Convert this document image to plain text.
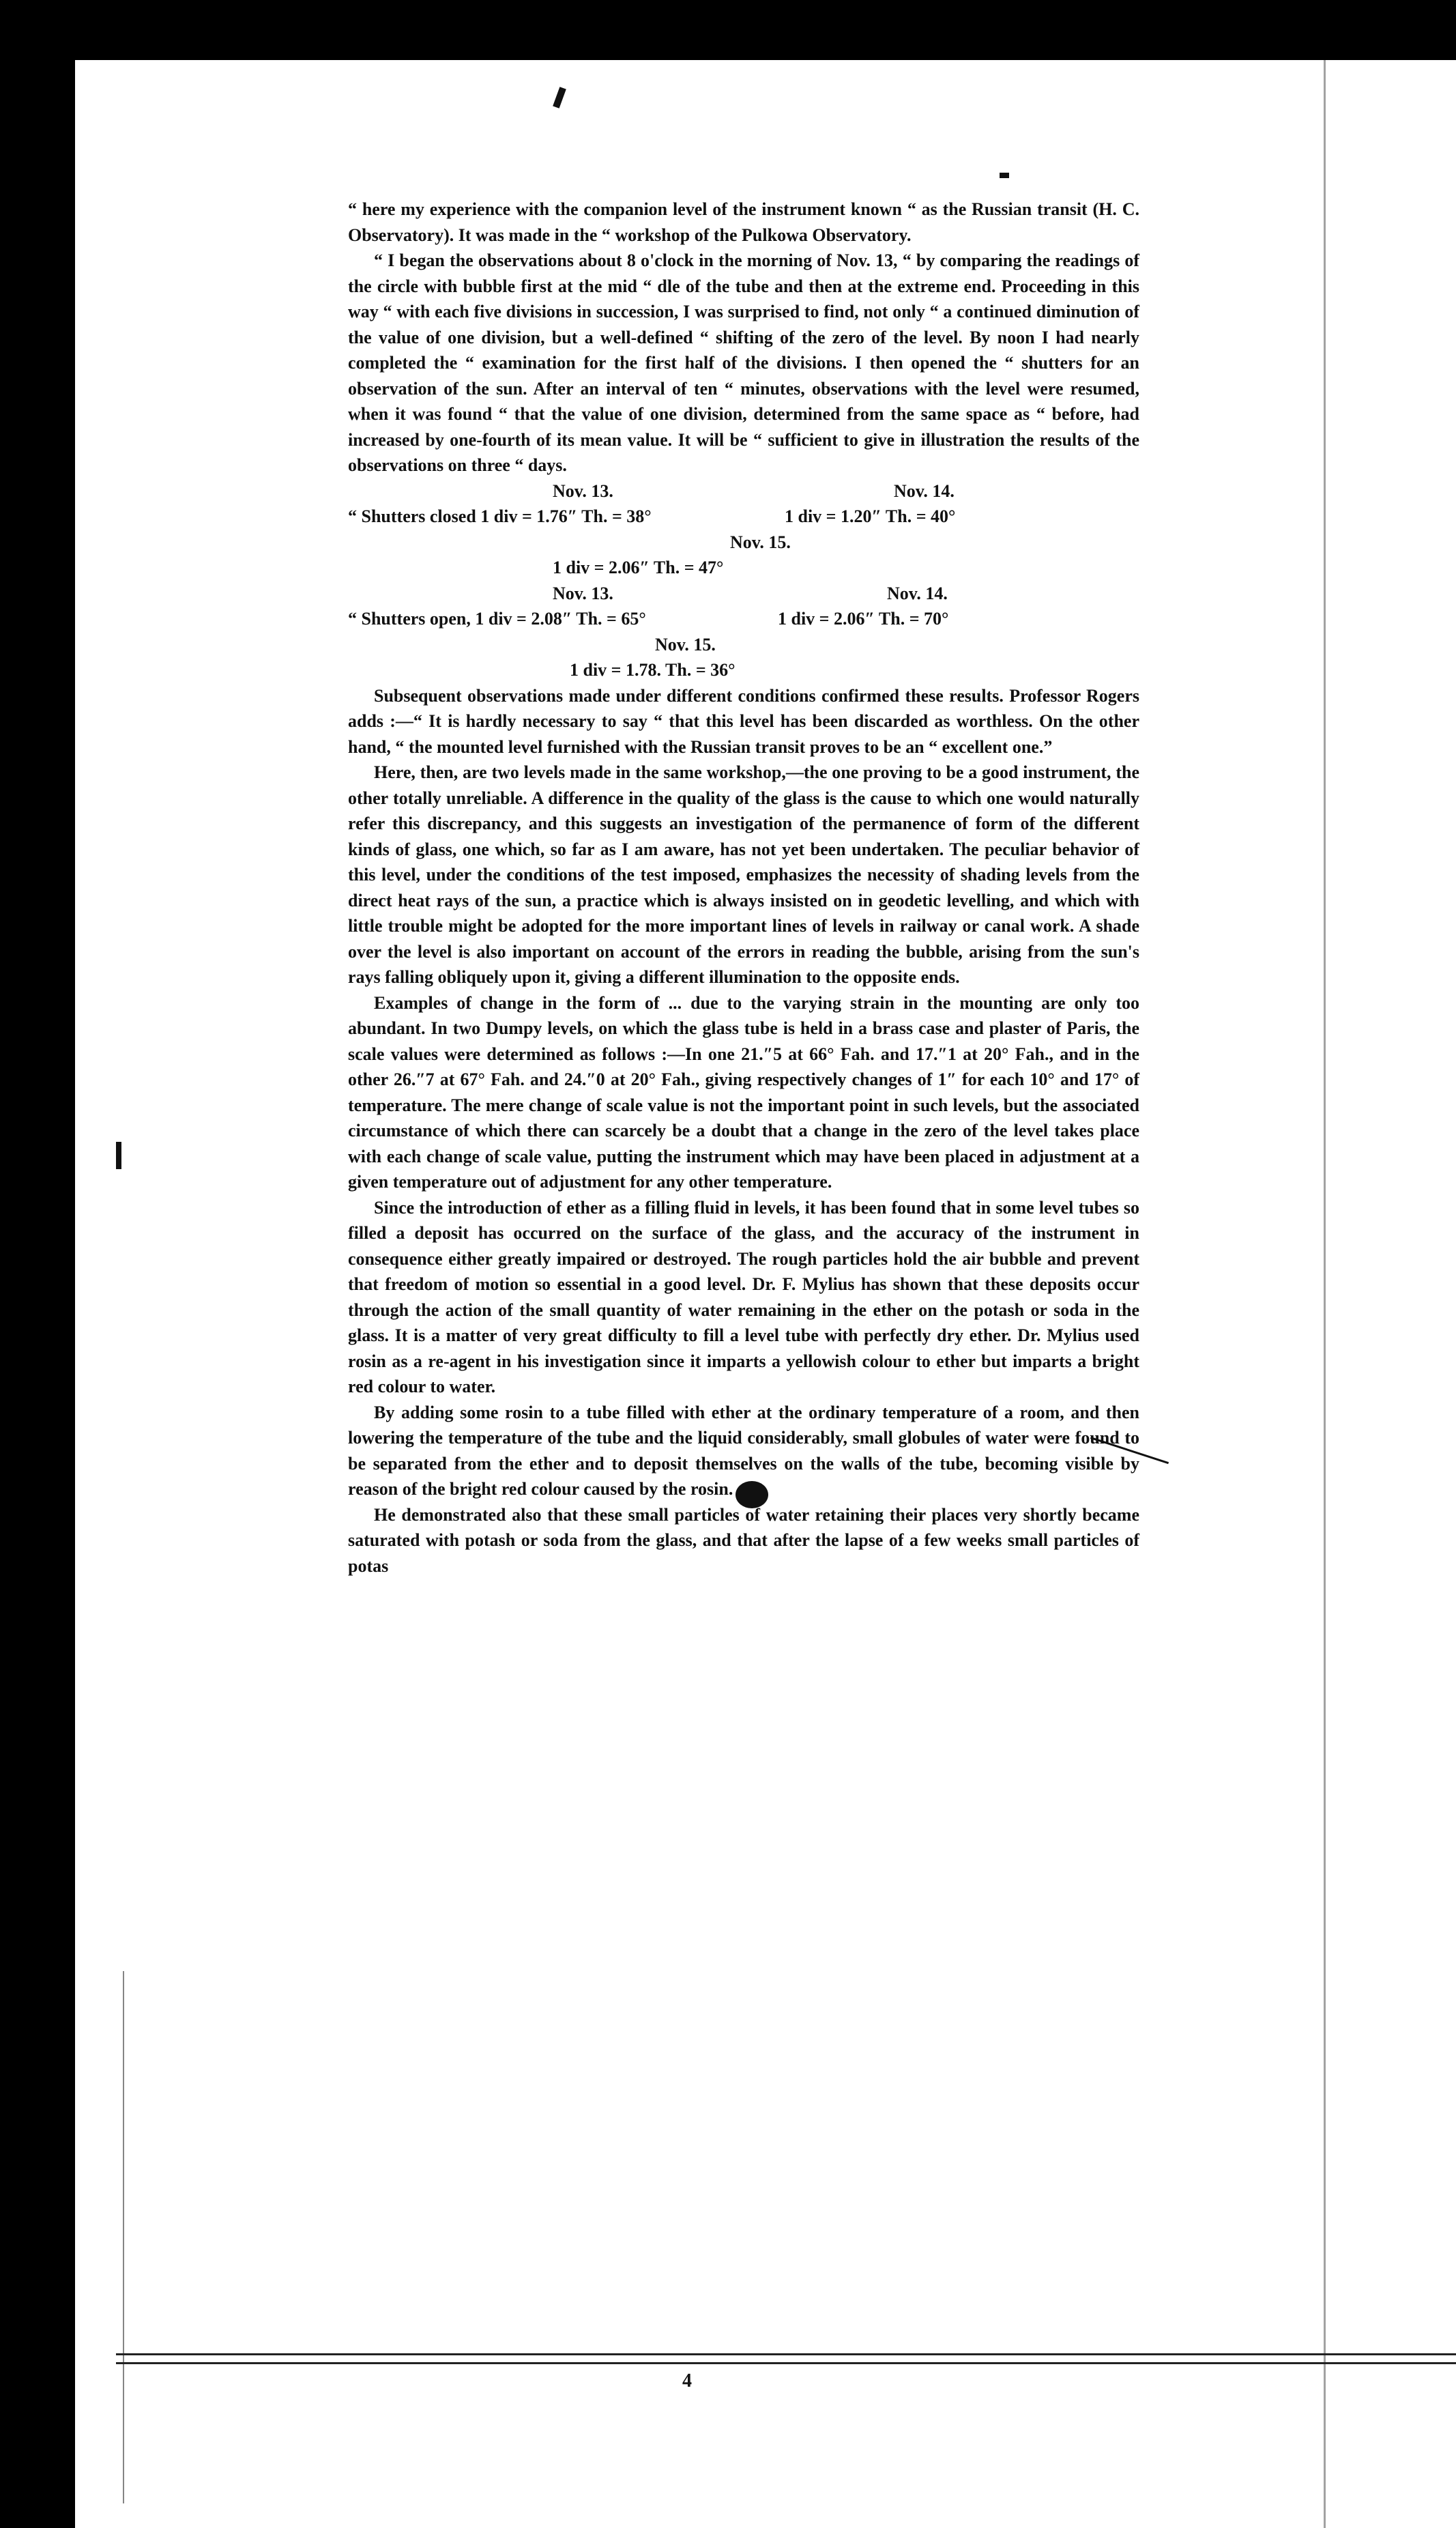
“ here my experience with the companion level of the instrument known “ as the Russian transit (H. C. Observatory). It was made in the “ workshop of the Pulkowa Observatory.

“ I began the observations about 8 o'clock in the morning of Nov. 13, “ by comparing the readings of the circle with bubble first at the mid “ dle of the tube and then at the extreme end. Proceeding in this way “ with each five divisions in succession, I was surprised to find, not only “ a continued diminution of the value of one division, but a well-defined “ shifting of the zero of the level. By noon I had nearly completed the “ examination for the first half of the divisions. I then opened the “ shutters for an observation of the sun. After an interval of ten “ minutes, observations with the level were resumed, when it was found “ that the value of one division, determined from the same space as “ before, had increased by one-fourth of its mean value. It will be “ sufficient to give in illustration the results of the observations on three “ days.

Nov. 13.	Nov. 14.
“ Shutters closed 1 div = 1.76″ Th. = 38°	1 div = 1.20″ Th. = 40°
Nov. 15.
1 div = 2.06″ Th. = 47°
Nov. 13.	Nov. 14.
“ Shutters open, 1 div = 2.08″ Th. = 65°	1 div = 2.06″ Th. = 70°
Nov. 15.
1 div = 1.78. Th. = 36°

Subsequent observations made under different conditions confirmed these results. Professor Rogers adds :—“ It is hardly necessary to say “ that this level has been discarded as worthless. On the other hand, “ the mounted level furnished with the Russian transit proves to be an “ excellent one.”

Here, then, are two levels made in the same workshop,—the one proving to be a good instrument, the other totally unreliable. A difference in the quality of the glass is the cause to which one would naturally refer this discrepancy, and this suggests an investigation of the permanence of form of the different kinds of glass, one which, so far as I am aware, has not yet been undertaken. The peculiar behavior of this level, under the conditions of the test imposed, emphasizes the necessity of shading levels from the direct heat rays of the sun, a practice which is always insisted on in geodetic levelling, and which with little trouble might be adopted for the more important lines of levels in railway or canal work. A shade over the level is also important on account of the errors in reading the bubble, arising from the sun's rays falling obliquely upon it, giving a different illumination to the opposite ends.

Examples of change in the form of ... due to the varying strain in the mounting are only too abundant. In two Dumpy levels, on which the glass tube is held in a brass case and plaster of Paris, the scale values were determined as follows :—In one 21.″5 at 66° Fah. and 17.″1 at 20° Fah., and in the other 26.″7 at 67° Fah. and 24.″0 at 20° Fah., giving respectively changes of 1″ for each 10° and 17° of temperature. The mere change of scale value is not the important point in such levels, but the associated circumstance of which there can scarcely be a doubt that a change in the zero of the level takes place with each change of scale value, putting the instrument which may have been placed in adjustment at a given temperature out of adjustment for any other temperature.

Since the introduction of ether as a filling fluid in levels, it has been found that in some level tubes so filled a deposit has occurred on the surface of the glass, and the accuracy of the instrument in consequence either greatly impaired or destroyed. The rough particles hold the air bubble and prevent that freedom of motion so essential in a good level. Dr. F. Mylius has shown that these deposits occur through the action of the small quantity of water remaining in the ether on the potash or soda in the glass. It is a matter of very great difficulty to fill a level tube with perfectly dry ether. Dr. Mylius used rosin as a re-agent in his investigation since it imparts a yellowish colour to ether but imparts a bright red colour to water.

By adding some rosin to a tube filled with ether at the ordinary temperature of a room, and then lowering the temperature of the tube and the liquid considerably, small globules of water were found to be separated from the ether and to deposit themselves on the walls of the tube, becoming visible by reason of the bright red colour caused by the rosin.

He demonstrated also that these small particles of water retaining their places very shortly became saturated with potash or soda from the glass, and that after the lapse of a few weeks small particles of potas

4
